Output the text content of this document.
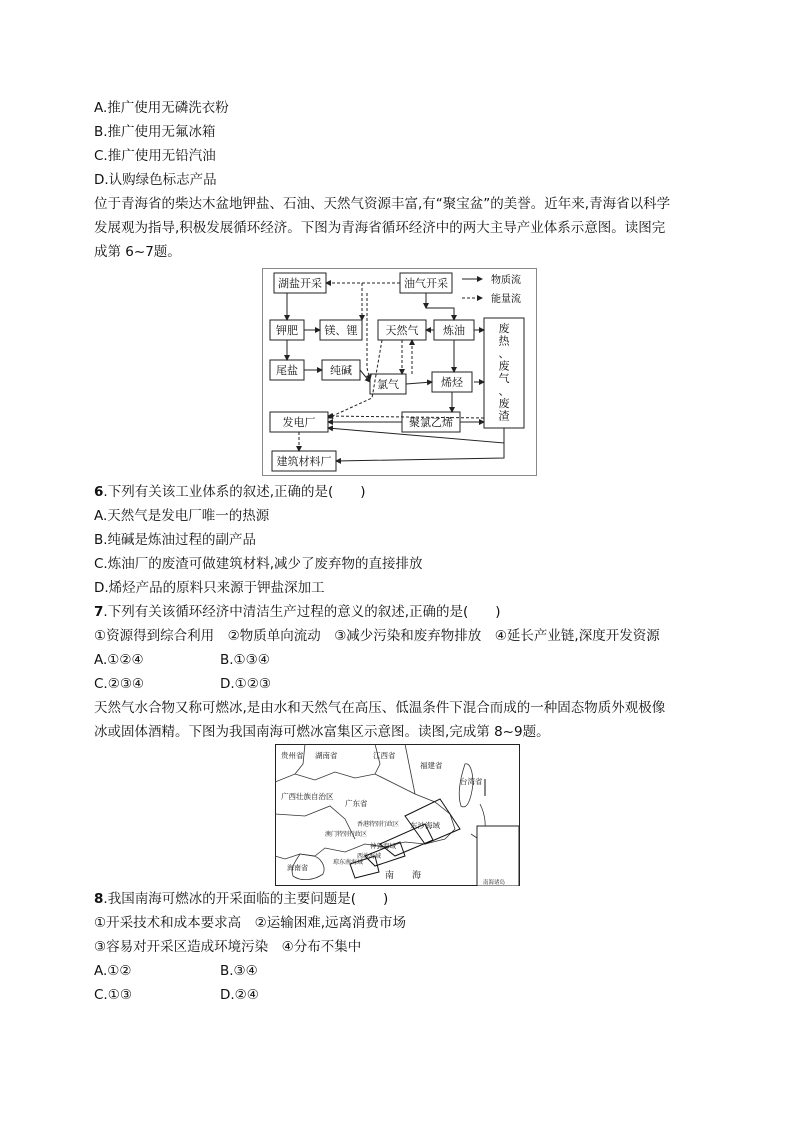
A.推广使用无磷洗衣粉
B.推广使用无氟冰箱
C.推广使用无铅汽油
D.认购绿色标志产品
位于青海省的柴达木盆地钾盐、石油、天然气资源丰富,有“聚宝盆”的美誉。近年来,青海省以科学
发展观为指导,积极发展循环经济。下图为青海省循环经济中的两大主导产业体系示意图。读图完
成第 6~7题。
湖盐开采	油气开采
钾肥 镁、锂	天然气 炼油
尾盐	纯碱
氯气	烯烃
发电厂	聚氯乙烯
建筑材料厂
废热、废气、废渣
物质流
能量流
6.下列有关该工业体系的叙述,正确的是(　　)
A.天然气是发电厂唯一的热源
B.纯碱是炼油过程的副产品
C.炼油厂的废渣可做建筑材料,减少了废弃物的直接排放
D.烯烃产品的原料只来源于钾盐深加工
7.下列有关该循环经济中清洁生产过程的意义的叙述,正确的是(　　)
①资源得到综合利用　②物质单向流动　③减少污染和废弃物排放　④延长产业链,深度开发资源
A.①②④	B.①③④
C.②③④	D.①②③
天然气水合物又称可燃冰,是由水和天然气在高压、低温条件下混合而成的一种固态物质外观极像
冰或固体酒精。下图为我国南海可燃冰富集区示意图。读图,完成第 8~9题。
贵州省 湖南省	江西省
福建省
广西壮族自治区
广东省
台湾省
香港特别行政区
澳门特别行政区
东沙海域
神狐海域
西沙海域
琼东南海域
海南省
南　　海
南海诸岛
8.我国南海可燃冰的开采面临的主要问题是(　　)
①开采技术和成本要求高　②运输困难,远离消费市场
③容易对开采区造成环境污染　④分布不集中
A.①②	B.③④
C.①③	D.②④
